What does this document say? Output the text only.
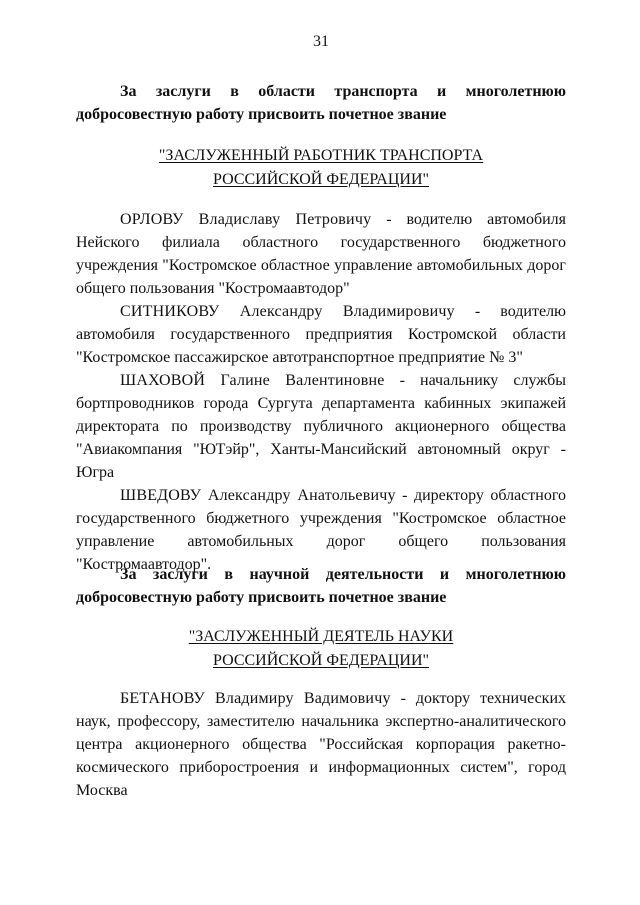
31
За заслуги в области транспорта и многолетнюю
добросовестную работу присвоить почетное звание
"ЗАСЛУЖЕННЫЙ РАБОТНИК ТРАНСПОРТА
РОССИЙСКОЙ ФЕДЕРАЦИИ"

ОРЛОВУ Владиславу Петровичу - водителю автомобиля Нейского филиала областного государственного бюджетного учреждения "Костромское областное управление автомобильных дорог общего пользования "Костромаавтодор"

СИТНИКОВУ Александру Владимировичу - водителю автомобиля государственного предприятия Костромской области "Костромское пассажирское автотранспортное предприятие № 3"

ШАХОВОЙ Галине Валентиновне - начальнику службы бортпроводников города Сургута департамента кабинных экипажей директората по производству публичного акционерного общества "Авиакомпания "ЮТэйр", Ханты-Мансийский автономный округ - Югра

ШВЕДОВУ Александру Анатольевичу - директору областного государственного бюджетного учреждения "Костромское областное управление автомобильных дорог общего пользования "Костромаавтодор".

За заслуги в научной деятельности и многолетнюю
добросовестную работу присвоить почетное звание
"ЗАСЛУЖЕННЫЙ ДЕЯТЕЛЬ НАУКИ
РОССИЙСКОЙ ФЕДЕРАЦИИ"

БЕТАНОВУ Владимиру Вадимовичу - доктору технических наук, профессору, заместителю начальника экспертно-аналитического центра акционерного общества "Российская корпорация ракетно-космического приборостроения и информационных систем", город Москва
